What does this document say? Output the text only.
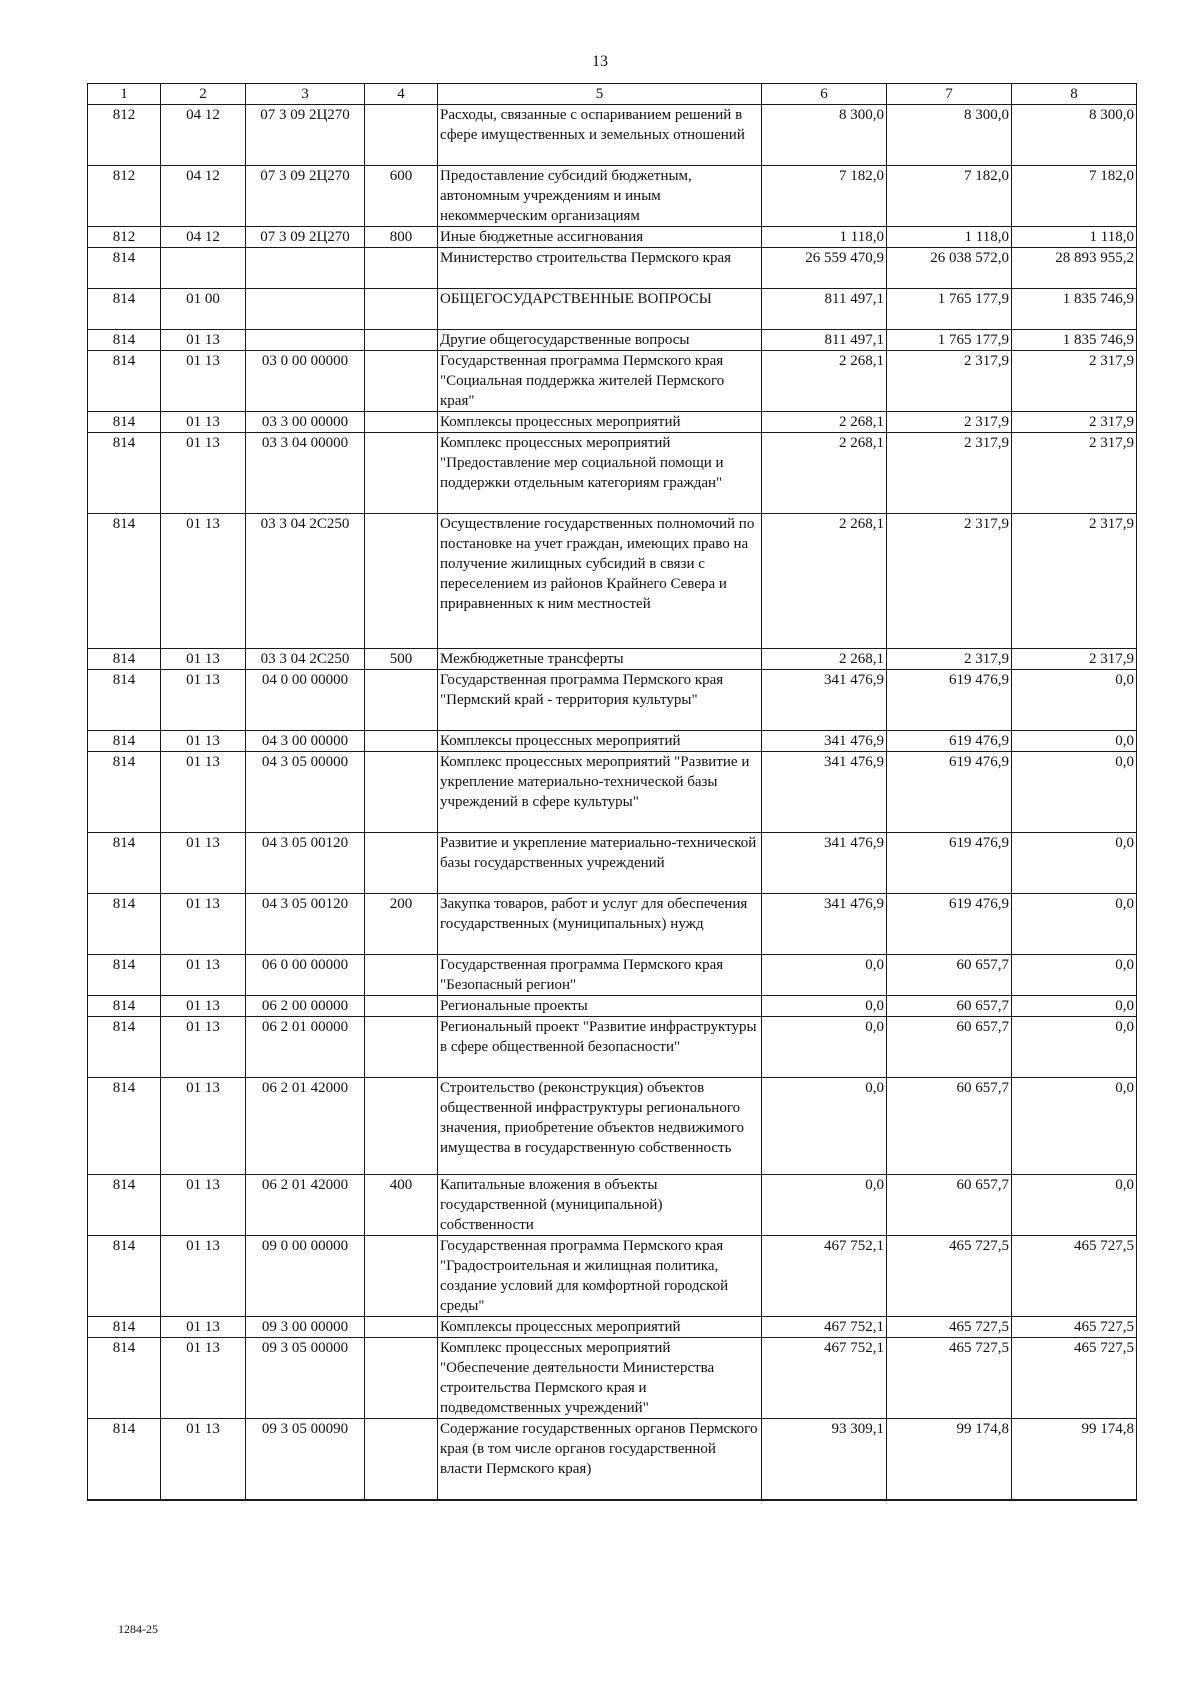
13
1	2	3	4	5	6	7	8
812	04 12	07 3 09 2Ц270		Расходы, связанные с оспариванием решений в сфере имущественных и земельных отношений	8 300,0	8 300,0	8 300,0
812	04 12	07 3 09 2Ц270	600	Предоставление субсидий бюджетным, автономным учреждениям и иным некоммерческим организациям	7 182,0	7 182,0	7 182,0
812	04 12	07 3 09 2Ц270	800	Иные бюджетные ассигнования	1 118,0	1 118,0	1 118,0
814				Министерство строительства Пермского края	26 559 470,9	26 038 572,0	28 893 955,2
814	01 00			ОБЩЕГОСУДАРСТВЕННЫЕ ВОПРОСЫ	811 497,1	1 765 177,9	1 835 746,9
814	01 13			Другие общегосударственные вопросы	811 497,1	1 765 177,9	1 835 746,9
814	01 13	03 0 00 00000		Государственная программа Пермского края "Социальная поддержка жителей Пермского края"	2 268,1	2 317,9	2 317,9
814	01 13	03 3 00 00000		Комплексы процессных мероприятий	2 268,1	2 317,9	2 317,9
814	01 13	03 3 04 00000		Комплекс процессных мероприятий "Предоставление мер социальной помощи и поддержки отдельным категориям граждан"	2 268,1	2 317,9	2 317,9
814	01 13	03 3 04 2С250		Осуществление государственных полномочий по постановке на учет граждан, имеющих право на получение жилищных субсидий в связи с переселением из районов Крайнего Севера и приравненных к ним местностей	2 268,1	2 317,9	2 317,9
814	01 13	03 3 04 2С250	500	Межбюджетные трансферты	2 268,1	2 317,9	2 317,9
814	01 13	04 0 00 00000		Государственная программа Пермского края "Пермский край - территория культуры"	341 476,9	619 476,9	0,0
814	01 13	04 3 00 00000		Комплексы процессных мероприятий	341 476,9	619 476,9	0,0
814	01 13	04 3 05 00000		Комплекс процессных мероприятий "Развитие и укрепление материально-технической базы учреждений в сфере культуры"	341 476,9	619 476,9	0,0
814	01 13	04 3 05 00120		Развитие и укрепление материально-технической базы государственных учреждений	341 476,9	619 476,9	0,0
814	01 13	04 3 05 00120	200	Закупка товаров, работ и услуг для обеспечения государственных (муниципальных) нужд	341 476,9	619 476,9	0,0
814	01 13	06 0 00 00000		Государственная программа Пермского края "Безопасный регион"	0,0	60 657,7	0,0
814	01 13	06 2 00 00000		Региональные проекты	0,0	60 657,7	0,0
814	01 13	06 2 01 00000		Региональный проект "Развитие инфраструктуры в сфере общественной безопасности"	0,0	60 657,7	0,0
814	01 13	06 2 01 42000		Строительство (реконструкция) объектов общественной инфраструктуры регионального значения, приобретение объектов недвижимого имущества в государственную собственность	0,0	60 657,7	0,0
814	01 13	06 2 01 42000	400	Капитальные вложения в объекты государственной (муниципальной) собственности	0,0	60 657,7	0,0
814	01 13	09 0 00 00000		Государственная программа Пермского края "Градостроительная и жилищная политика, создание условий для комфортной городской среды"	467 752,1	465 727,5	465 727,5
814	01 13	09 3 00 00000		Комплексы процессных мероприятий	467 752,1	465 727,5	465 727,5
814	01 13	09 3 05 00000		Комплекс процессных мероприятий "Обеспечение деятельности Министерства строительства Пермского края и подведомственных учреждений"	467 752,1	465 727,5	465 727,5
814	01 13	09 3 05 00090		Содержание государственных органов Пермского края (в том числе органов государственной власти Пермского края)	93 309,1	99 174,8	99 174,8
1284-25
